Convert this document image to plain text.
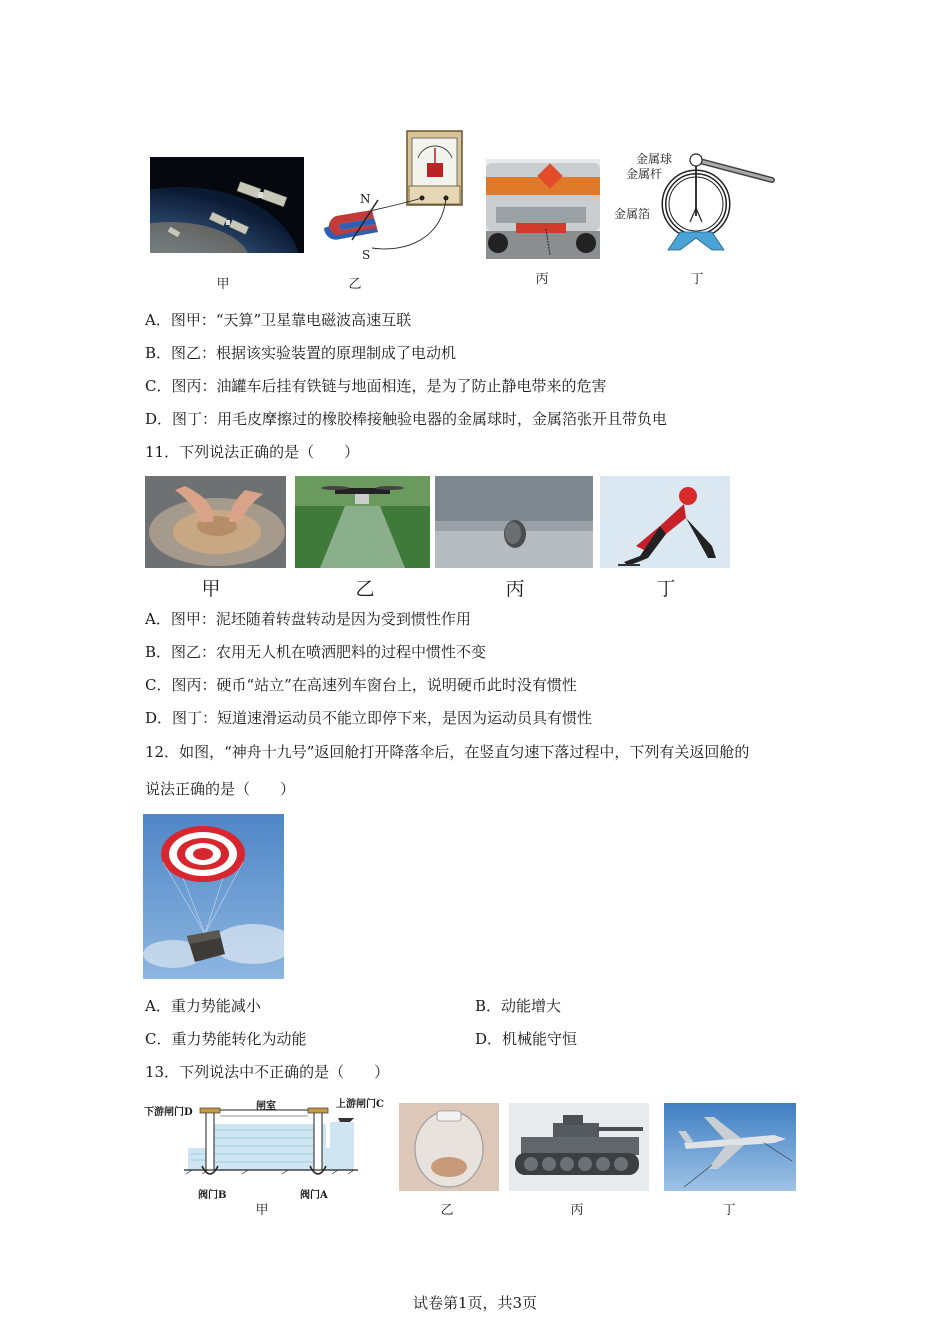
甲
N
S
乙	丙
金属球
金属杆
金属箔
丁
A．图甲：“天算”卫星靠电磁波高速互联
B．图乙：根据该实验装置的原理制成了电动机
C．图丙：油罐车后挂有铁链与地面相连，是为了防止静电带来的危害
D．图丁：用毛皮摩擦过的橡胶棒接触验电器的金属球时，金属箔张开且带负电
11．下列说法正确的是（　　）
甲	乙	丙	丁
A．图甲：泥坯随着转盘转动是因为受到惯性作用
B．图乙：农用无人机在喷洒肥料的过程中惯性不变
C．图丙：硬币“站立”在高速列车窗台上，说明硬币此时没有惯性
D．图丁：短道速滑运动员不能立即停下来，是因为运动员具有惯性
12．如图，“神舟十九号”返回舱打开降落伞后，在竖直匀速下落过程中，下列有关返回舱的
说法正确的是（　　）
A．重力势能减小	B．动能增大
C．重力势能转化为动能	D．机械能守恒
13．下列说法中不正确的是（　　）
下游闸门D
闸室	上游闸门C
阀门B	阀门A
甲	乙	丙	丁
试卷第1页，共3页
